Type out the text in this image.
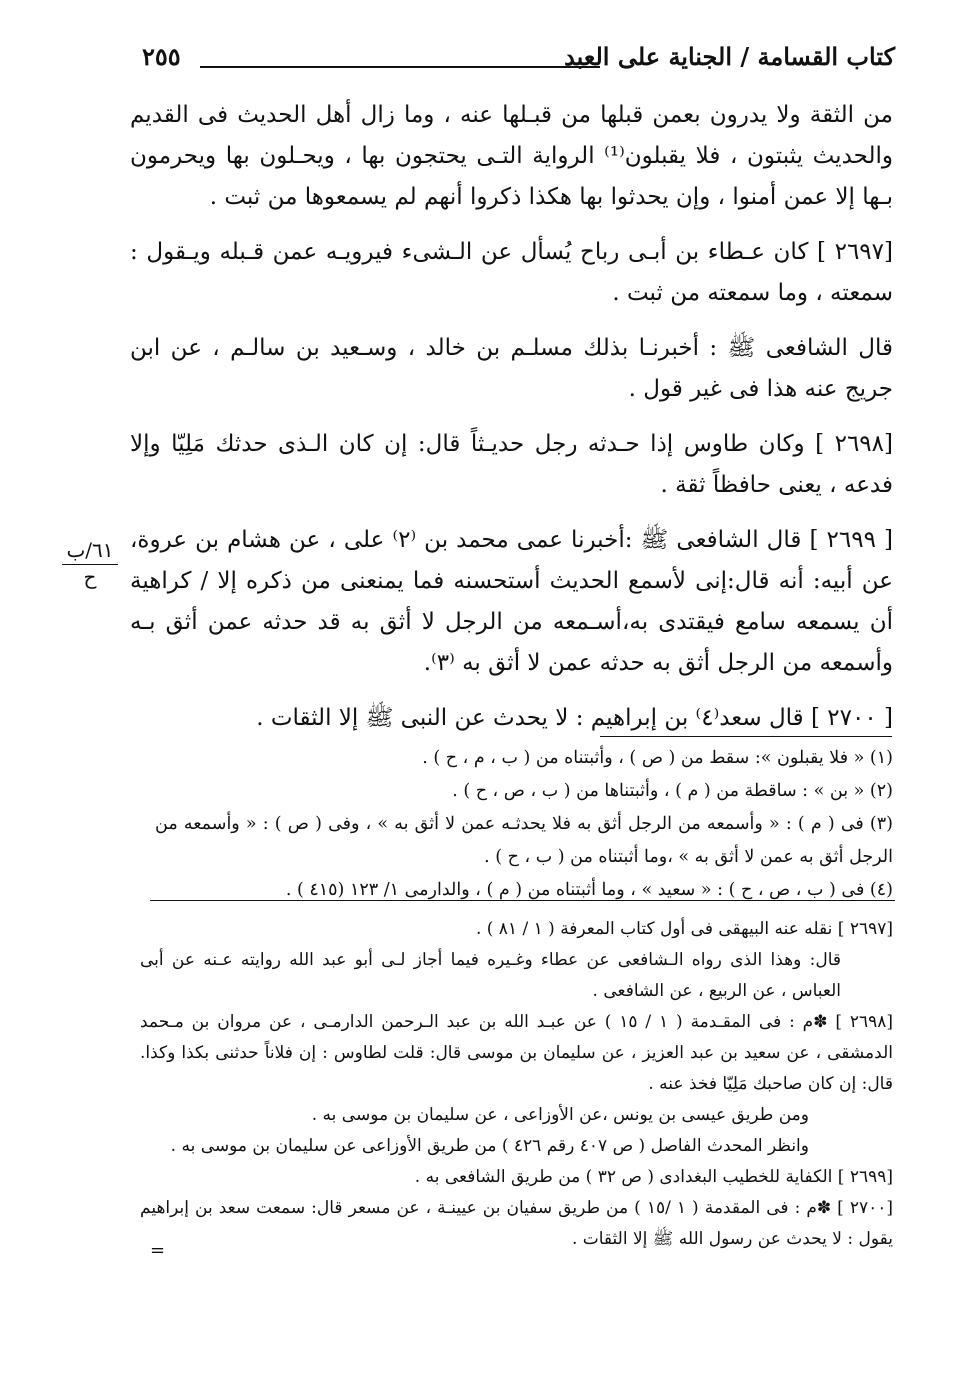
كتاب القسامة / الجناية على العبد
٢٥٥
٦١/ب
ح

من الثقة ولا يدرون بعمن قبلها من قبـلها عنه ، وما زال أهل الحديث فى القديم والحديث يثبتون ، فلا يقبلون⁽¹⁾ الرواية التـى يحتجون بها ، ويحـلون بها ويحرمون بـها إلا عمن أمنوا ، وإن يحدثوا بها هكذا ذكروا أنهم لم يسمعوها من ثبت .

[٢٦٩٧ ] كان عـطاء بن أبـى رباح يُسأل عن الـشىء فيرويـه عمن قـبله ويـقول : سمعته ، وما سمعته من ثبت .

قال الشافعى ﷺ : أخبرنـا بذلك مسلـم بن خالد ، وسـعيد بن سالـم ، عن ابن جريج عنه هذا فى غير قول .

[٢٦٩٨ ] وكان طاوس إذا حـدثه رجل حديـثاً قال: إن كان الـذى حدثك مَلِيّا وإلا فدعه ، يعنى حافظاً ثقة .

[ ٢٦٩٩ ] قال الشافعى ﷺ :أخبرنا عمى محمد بن ⁽٢⁾ على ، عن هشام بن عروة، عن أبيه: أنه قال:إنى لأسمع الحديث أستحسنه فما يمنعنى من ذكره إلا / كراهية أن يسمعه سامع فيقتدى به،أسـمعه من الرجل لا أثق به قد حدثه عمن أثق بـه وأسمعه من الرجل أثق به حدثه عمن لا أثق به ⁽٣⁾.

[ ٢٧٠٠ ] قال سعد⁽٤⁾ بن إبراهيم : لا يحدث عن النبى ﷺ إلا الثقات .

(١) « فلا يقبلون »: سقط من ( ص ) ، وأثبتناه من ( ب ، م ، ح ) .

(٢) « بن » : ساقطة من ( م ) ، وأثبتناها من ( ب ، ص ، ح ) .

(٣) فى ( م ) : « وأسمعه من الرجل أثق به فلا يحدثـه عمن لا أثق به » ، وفى ( ص ) : « وأسمعه من الرجل أثق به عمن لا أثق به » ،وما أثبتناه من ( ب ، ح ) .

(٤) فى ( ب ، ص ، ح ) : « سعيد » ، وما أثبتناه من ( م ) ، والدارمى ١/ ١٢٣ (٤١٥ ) .

[٢٦٩٧ ] نقله عنه البيهقى فى أول كتاب المعرفة ( ١ / ٨١ ) .

قال: وهذا الذى رواه الـشافعى عن عطاء وغـيره فيما أجاز لـى أبو عبد الله روايته عـنه عن أبى العباس ، عن الربيع ، عن الشافعى .

[٢٦٩٨ ] ✽م : فى المقـدمة ( ١ / ١٥ ) عن عبـد الله بن عبد الـرحمن الدارمـى ، عن مروان بن مـحمد الدمشقى ، عن سعيد بن عبد العزيز ، عن سليمان بن موسى قال: قلت لطاوس : إن فلاناً حدثنى بكذا وكذا. قال: إن كان صاحبك مَلِيّا فخذ عنه .

ومن طريق عيسى بن يونس ،عن الأوزاعى ، عن سليمان بن موسى به .

وانظر المحدث الفاصل ( ص ٤٠٧ رقم ٤٢٦ ) من طريق الأوزاعى عن سليمان بن موسى به .

[٢٦٩٩ ] الكفاية للخطيب البغدادى ( ص ٣٢ ) من طريق الشافعى به .

[٢٧٠٠ ] ✽م : فى المقدمة ( ١ /١٥ ) من طريق سفيان بن عيينـة ، عن مسعر قال: سمعت سعد بن إبراهيم يقول : لا يحدث عن رسول الله ﷺ إلا الثقات .

=
